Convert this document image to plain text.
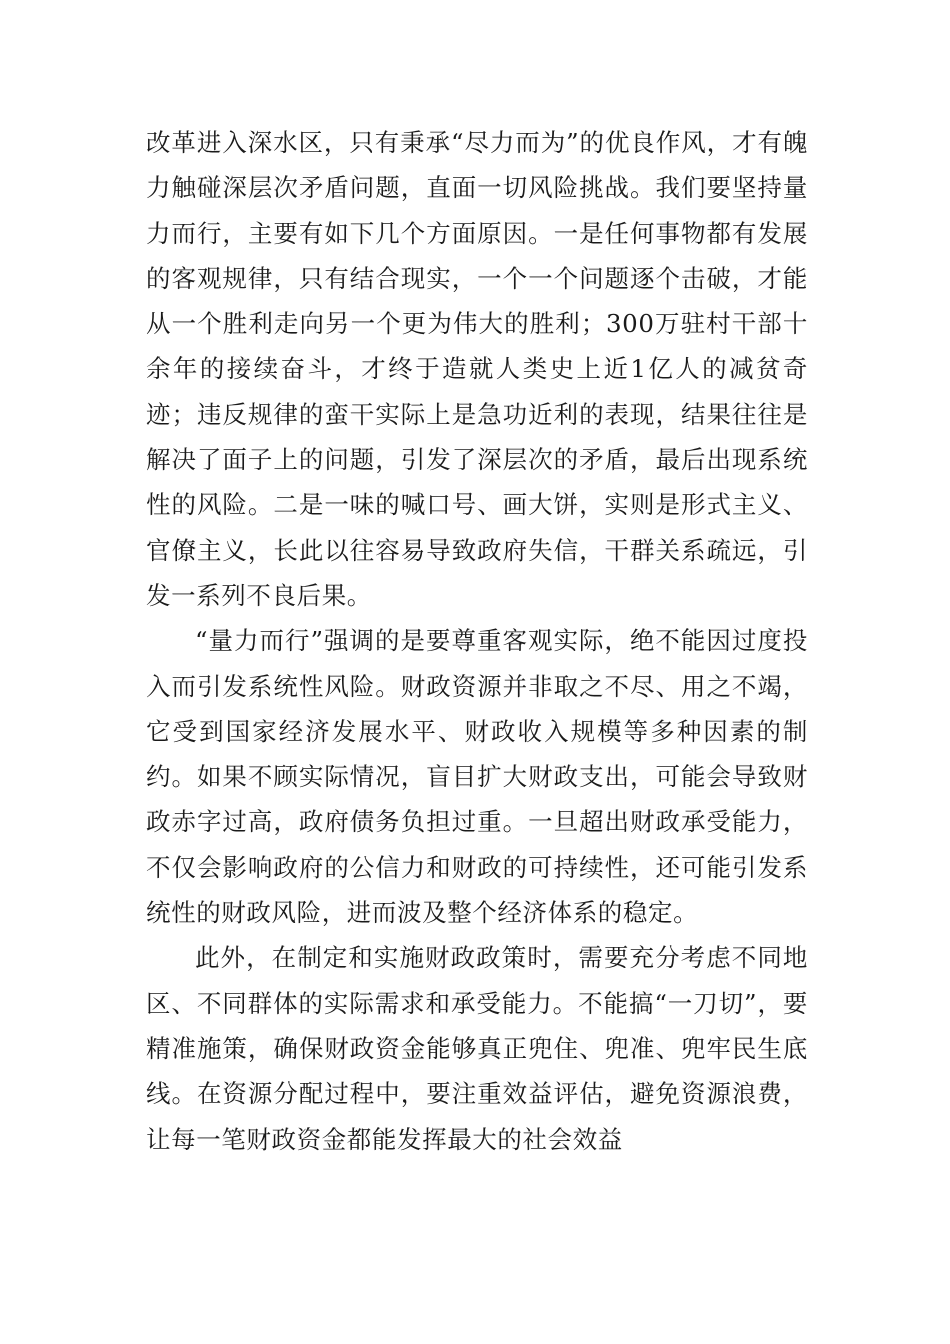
改革进入深水区，只有秉承“尽力而为”的优良作风，才有魄力触碰深层次矛盾问题，直面一切风险挑战。我们要坚持量力而行，主要有如下几个方面原因。一是任何事物都有发展的客观规律，只有结合现实，一个一个问题逐个击破，才能从一个胜利走向另一个更为伟大的胜利；300万驻村干部十余年的接续奋斗，才终于造就人类史上近1亿人的减贫奇迹；违反规律的蛮干实际上是急功近利的表现，结果往往是解决了面子上的问题，引发了深层次的矛盾，最后出现系统性的风险。二是一味的喊口号、画大饼，实则是形式主义、官僚主义，长此以往容易导致政府失信，干群关系疏远，引发一系列不良后果。

“量力而行”强调的是要尊重客观实际，绝不能因过度投入而引发系统性风险。财政资源并非取之不尽、用之不竭，它受到国家经济发展水平、财政收入规模等多种因素的制约。如果不顾实际情况，盲目扩大财政支出，可能会导致财政赤字过高，政府债务负担过重。一旦超出财政承受能力，不仅会影响政府的公信力和财政的可持续性，还可能引发系统性的财政风险，进而波及整个经济体系的稳定。

此外，在制定和实施财政政策时，需要充分考虑不同地区、不同群体的实际需求和承受能力。不能搞“一刀切”，要精准施策，确保财政资金能够真正兜住、兜准、兜牢民生底线。在资源分配过程中，要注重效益评估，避免资源浪费，让每一笔财政资金都能发挥最大的社会效益
